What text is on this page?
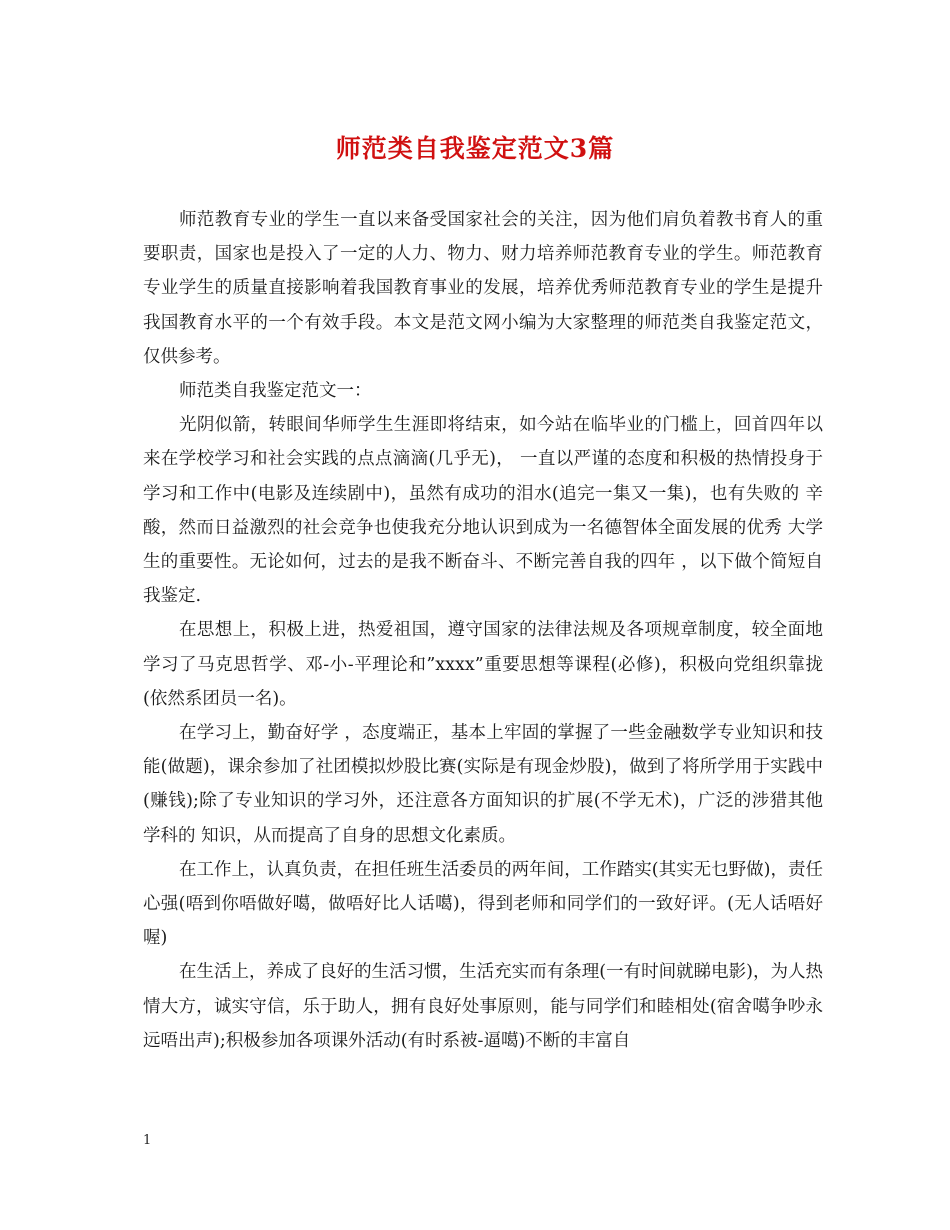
师范类自我鉴定范文3篇

师范教育专业的学生一直以来备受国家社会的关注，因为他们肩负着教书育人的重要职责，国家也是投入了一定的人力、物力、财力培养师范教育专业的学生。师范教育专业学生的质量直接影响着我国教育事业的发展，培养优秀师范教育专业的学生是提升我国教育水平的一个有效手段。本文是范文网小编为大家整理的师范类自我鉴定范文，仅供参考。

师范类自我鉴定范文一：

光阴似箭，转眼间华师学生生涯即将结束，如今站在临毕业的门槛上，回首四年以来在学校学习和社会实践的点点滴滴(几乎无)， 一直以严谨的态度和积极的热情投身于学习和工作中(电影及连续剧中)，虽然有成功的泪水(追完一集又一集)，也有失败的 辛酸，然而日益激烈的社会竞争也使我充分地认识到成为一名德智体全面发展的优秀 大学生的重要性。无论如何，过去的是我不断奋斗、不断完善自我的四年 ，以下做个简短自我鉴定.

在思想上，积极上进，热爱祖国，遵守国家的法律法规及各项规章制度，较全面地学习了马克思哲学、邓-小-平理论和”xxxx”重要思想等课程(必修)，积极向党组织靠拢(依然系团员一名)。

在学习上，勤奋好学 ，态度端正，基本上牢固的掌握了一些金融数学专业知识和技能(做题)，课余参加了社团模拟炒股比赛(实际是有现金炒股)，做到了将所学用于实践中(赚钱);除了专业知识的学习外，还注意各方面知识的扩展(不学无术)，广泛的涉猎其他学科的 知识，从而提高了自身的思想文化素质。

在工作上，认真负责，在担任班生活委员的两年间，工作踏实(其实无乜野做)，责任心强(唔到你唔做好噶，做唔好比人话噶)，得到老师和同学们的一致好评。(无人话唔好喔)

在生活上，养成了良好的生活习惯，生活充实而有条理(一有时间就睇电影)，为人热情大方，诚实守信，乐于助人，拥有良好处事原则，能与同学们和睦相处(宿舍噶争吵永远唔出声);积极参加各项课外活动(有时系被-逼噶)不断的丰富自

1
